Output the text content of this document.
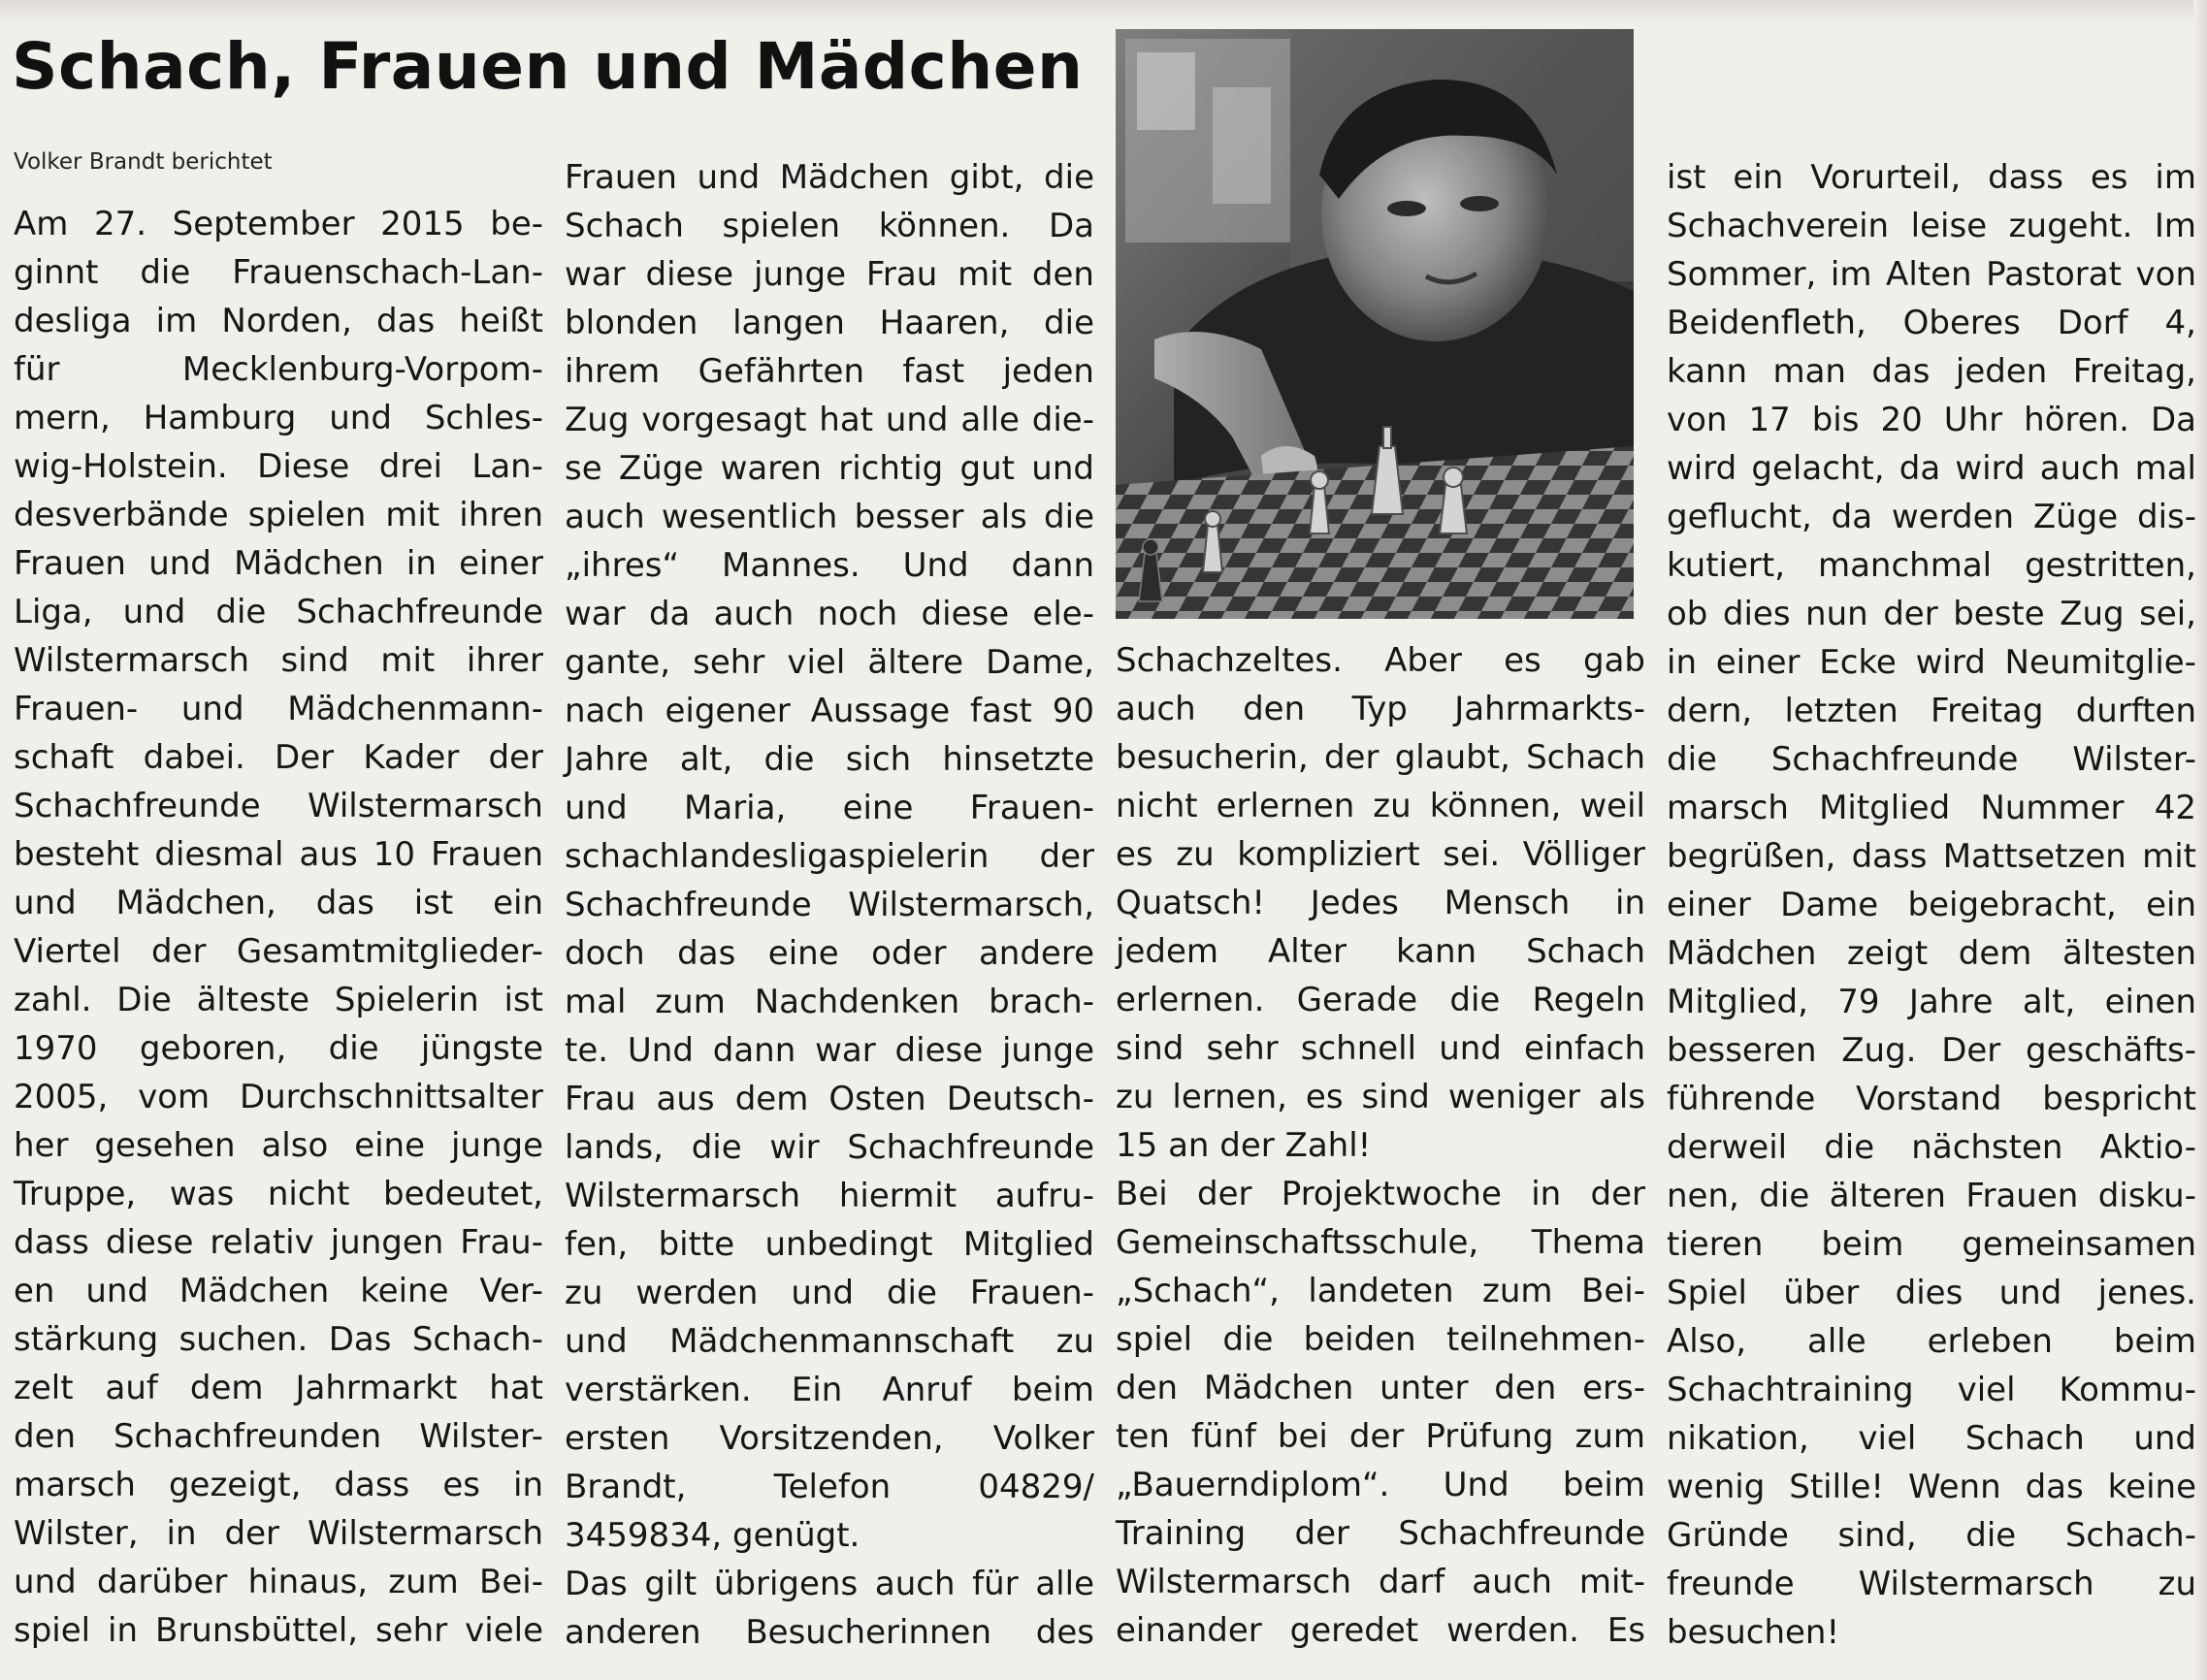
Schach, Frauen und Mädchen
Volker Brandt berichtet
Am 27. September 2015 be-
ginnt die Frauenschach-Lan-
desliga im Norden, das heißt
für Mecklenburg-Vorpom-
mern, Hamburg und Schles-
wig-Holstein. Diese drei Lan-
desverbände spielen mit ihren
Frauen und Mädchen in einer
Liga, und die Schachfreunde
Wilstermarsch sind mit ihrer
Frauen- und Mädchenmann-
schaft dabei. Der Kader der
Schachfreunde Wilstermarsch
besteht diesmal aus 10 Frauen
und Mädchen, das ist ein
Viertel der Gesamtmitglieder-
zahl. Die älteste Spielerin ist
1970 geboren, die jüngste
2005, vom Durchschnittsalter
her gesehen also eine junge
Truppe, was nicht bedeutet,
dass diese relativ jungen Frau-
en und Mädchen keine Ver-
stärkung suchen. Das Schach-
zelt auf dem Jahrmarkt hat
den Schachfreunden Wilster-
marsch gezeigt, dass es in
Wilster, in der Wilstermarsch
und darüber hinaus, zum Bei-
spiel in Brunsbüttel, sehr viele
Frauen und Mädchen gibt, die
Schach spielen können. Da
war diese junge Frau mit den
blonden langen Haaren, die
ihrem Gefährten fast jeden
Zug vorgesagt hat und alle die-
se Züge waren richtig gut und
auch wesentlich besser als die
„ihres“ Mannes. Und dann
war da auch noch diese ele-
gante, sehr viel ältere Dame,
nach eigener Aussage fast 90
Jahre alt, die sich hinsetzte
und Maria, eine Frauen-
schachlandesligaspielerin der
Schachfreunde Wilstermarsch,
doch das eine oder andere
mal zum Nachdenken brach-
te. Und dann war diese junge
Frau aus dem Osten Deutsch-
lands, die wir Schachfreunde
Wilstermarsch hiermit aufru-
fen, bitte unbedingt Mitglied
zu werden und die Frauen-
und Mädchenmannschaft zu
verstärken. Ein Anruf beim
ersten Vorsitzenden, Volker
Brandt, Telefon 04829/
3459834, genügt.
Das gilt übrigens auch für alle
anderen Besucherinnen des
Schachzeltes. Aber es gab
auch den Typ Jahrmarkts-
besucherin, der glaubt, Schach
nicht erlernen zu können, weil
es zu kompliziert sei. Völliger
Quatsch! Jedes Mensch in
jedem Alter kann Schach
erlernen. Gerade die Regeln
sind sehr schnell und einfach
zu lernen, es sind weniger als
15 an der Zahl!
Bei der Projektwoche in der
Gemeinschaftsschule, Thema
„Schach“, landeten zum Bei-
spiel die beiden teilnehmen-
den Mädchen unter den ers-
ten fünf bei der Prüfung zum
„Bauerndiplom“. Und beim
Training der Schachfreunde
Wilstermarsch darf auch mit-
einander geredet werden. Es
ist ein Vorurteil, dass es im
Schachverein leise zugeht. Im
Sommer, im Alten Pastorat von
Beidenfleth, Oberes Dorf 4,
kann man das jeden Freitag,
von 17 bis 20 Uhr hören. Da
wird gelacht, da wird auch mal
geflucht, da werden Züge dis-
kutiert, manchmal gestritten,
ob dies nun der beste Zug sei,
in einer Ecke wird Neumitglie-
dern, letzten Freitag durften
die Schachfreunde Wilster-
marsch Mitglied Nummer 42
begrüßen, dass Mattsetzen mit
einer Dame beigebracht, ein
Mädchen zeigt dem ältesten
Mitglied, 79 Jahre alt, einen
besseren Zug. Der geschäfts-
führende Vorstand bespricht
derweil die nächsten Aktio-
nen, die älteren Frauen disku-
tieren beim gemeinsamen
Spiel über dies und jenes.
Also, alle erleben beim
Schachtraining viel Kommu-
nikation, viel Schach und
wenig Stille! Wenn das keine
Gründe sind, die Schach-
freunde Wilstermarsch zu
besuchen!
